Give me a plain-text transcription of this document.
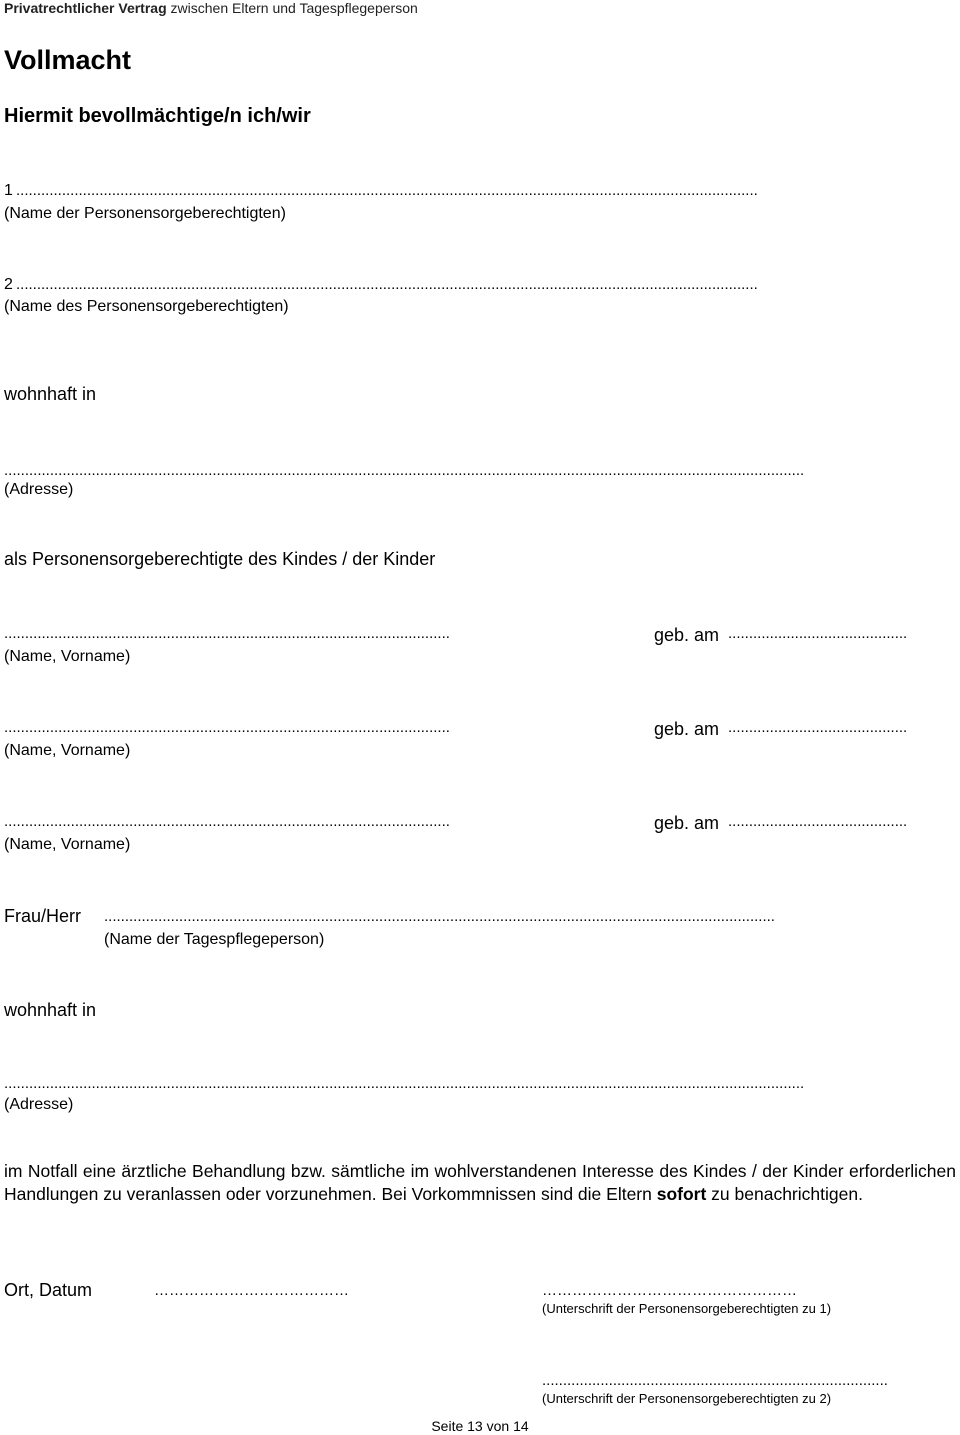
Privatrechtlicher Vertrag zwischen Eltern und Tagespflegeperson
Vollmacht
Hiermit bevollmächtige/n ich/wir
1 ..................................................................................................................................................................................
(Name der Personensorgeberechtigten)
2 ..................................................................................................................................................................................
(Name des Personensorgeberechtigten)
wohnhaft in
................................................................................................................................................................................................
(Adresse)
als Personensorgeberechtigte des Kindes / der Kinder
...........................................................................................................
(Name, Vorname)
geb. am ...........................................
...........................................................................................................
(Name, Vorname)
geb. am ...........................................
...........................................................................................................
(Name, Vorname)
geb. am ...........................................
Frau/Herr .................................................................................................................................................................
(Name der Tagespflegeperson)
wohnhaft in
................................................................................................................................................................................................
(Adresse)
im Notfall eine ärztliche Behandlung bzw. sämtliche im wohlverstandenen Interesse des Kindes / der Kinder erforderlichen Handlungen zu veranlassen oder vorzunehmen. Bei Vorkommnissen sind die Eltern sofort zu benachrichtigen.
Ort, Datum	…………………………………	……………………………………………
(Unterschrift der Personensorgeberechtigten zu 1)
...................................................................................
(Unterschrift der Personensorgeberechtigten zu 2)
Seite 13 von 14
